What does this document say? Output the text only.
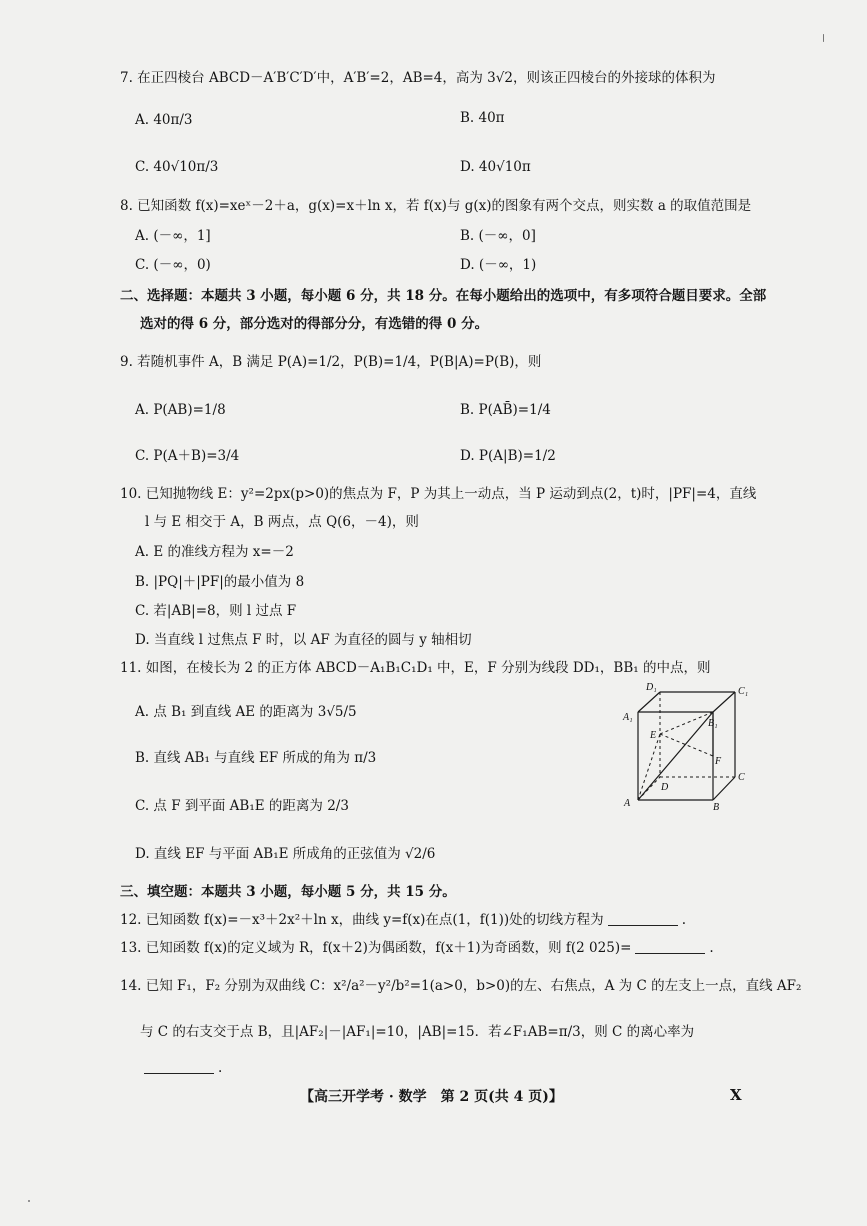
7. 在正四棱台 ABCD－A′B′C′D′中，A′B′=2，AB=4，高为 3√2，则该正四棱台的外接球的体积为
A. 40π/3	B. 40π
C. 40√10π/3	D. 40√10π
8. 已知函数 f(x)=xeˣ－2＋a，g(x)=x＋ln x，若 f(x)与 g(x)的图象有两个交点，则实数 a 的取值范围是
A. (－∞，1]	B. (－∞，0]
C. (－∞，0)	D. (－∞，1)
二、选择题：本题共 3 小题，每小题 6 分，共 18 分。在每小题给出的选项中，有多项符合题目要求。全部
选对的得 6 分，部分选对的得部分分，有选错的得 0 分。
9. 若随机事件 A，B 满足 P(A)=1/2，P(B)=1/4，P(B|A)=P(B)，则
A. P(AB)=1/8	B. P(AB̄)=1/4
C. P(A＋B)=3/4	D. P(A|B)=1/2
10. 已知抛物线 E：y²=2px(p>0)的焦点为 F，P 为其上一动点，当 P 运动到点(2，t)时，|PF|=4，直线
l 与 E 相交于 A，B 两点，点 Q(6，－4)，则
A. E 的准线方程为 x=－2
B. |PQ|＋|PF|的最小值为 8
C. 若|AB|=8，则 l 过点 F
D. 当直线 l 过焦点 F 时，以 AF 为直径的圆与 y 轴相切
11. 如图，在棱长为 2 的正方体 ABCD－A₁B₁C₁D₁ 中，E，F 分别为线段 DD₁，BB₁ 的中点，则
A. 点 B₁ 到直线 AE 的距离为 3√5/5
B. 直线 AB₁ 与直线 EF 所成的角为 π/3
C. 点 F 到平面 AB₁E 的距离为 2/3
D. 直线 EF 与平面 AB₁E 所成角的正弦值为 √2/6
D₁	C₁
A₁
B₁
E
F
D
C
A	B
三、填空题：本题共 3 小题，每小题 5 分，共 15 分。
12. 已知函数 f(x)=－x³＋2x²＋ln x，曲线 y=f(x)在点(1，f(1))处的切线方程为	.
13. 已知函数 f(x)的定义域为 R，f(x＋2)为偶函数，f(x＋1)为奇函数，则 f(2 025)=	.
14. 已知 F₁，F₂ 分别为双曲线 C：x²/a²－y²/b²=1(a>0，b>0)的左、右焦点，A 为 C 的左支上一点，直线 AF₂
与 C 的右支交于点 B，且|AF₂|－|AF₁|=10，|AB|=15．若∠F₁AB=π/3，则 C 的离心率为
.
【高三开学考 · 数学　第 2 页(共 4 页)】	X
